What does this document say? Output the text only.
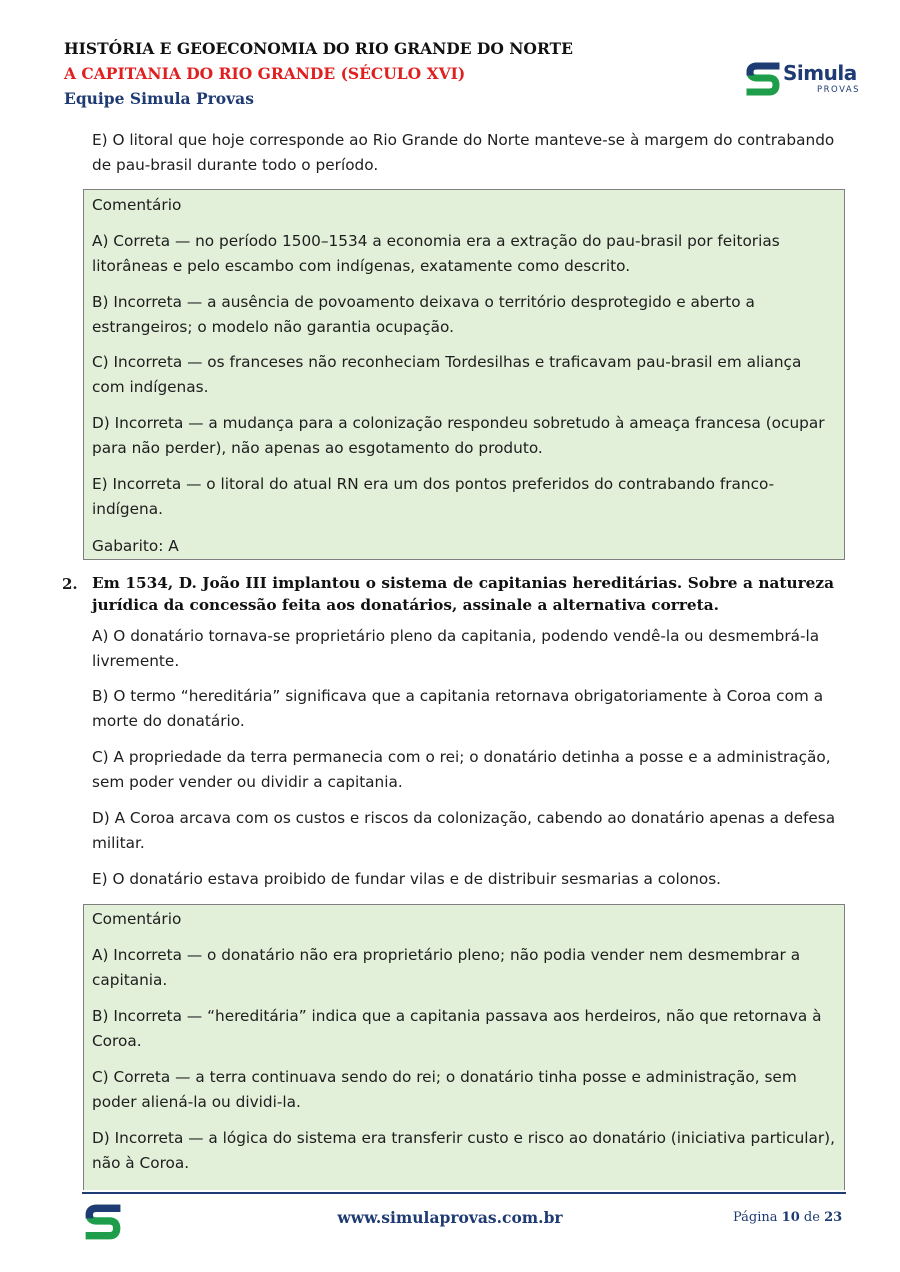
HISTÓRIA E GEOECONOMIA DO RIO GRANDE DO NORTE
A CAPITANIA DO RIO GRANDE (SÉCULO XVI)
Equipe Simula Provas
Simula
PROVAS
E) O litoral que hoje corresponde ao Rio Grande do Norte manteve-se à margem do contrabando de pau-brasil durante todo o período.
Comentário
A) Correta — no período 1500–1534 a economia era a extração do pau-brasil por feitorias litorâneas e pelo escambo com indígenas, exatamente como descrito.
B) Incorreta — a ausência de povoamento deixava o território desprotegido e aberto a estrangeiros; o modelo não garantia ocupação.
C) Incorreta — os franceses não reconheciam Tordesilhas e traficavam pau-brasil em aliança com indígenas.
D) Incorreta — a mudança para a colonização respondeu sobretudo à ameaça francesa (ocupar para não perder), não apenas ao esgotamento do produto.
E) Incorreta — o litoral do atual RN era um dos pontos preferidos do contrabando franco-indígena.
Gabarito: A
2. Em 1534, D. João III implantou o sistema de capitanias hereditárias. Sobre a natureza jurídica da concessão feita aos donatários, assinale a alternativa correta.
A) O donatário tornava-se proprietário pleno da capitania, podendo vendê-la ou desmembrá-la livremente.
B) O termo “hereditária” significava que a capitania retornava obrigatoriamente à Coroa com a morte do donatário.
C) A propriedade da terra permanecia com o rei; o donatário detinha a posse e a administração, sem poder vender ou dividir a capitania.
D) A Coroa arcava com os custos e riscos da colonização, cabendo ao donatário apenas a defesa militar.
E) O donatário estava proibido de fundar vilas e de distribuir sesmarias a colonos.
Comentário
A) Incorreta — o donatário não era proprietário pleno; não podia vender nem desmembrar a capitania.
B) Incorreta — “hereditária” indica que a capitania passava aos herdeiros, não que retornava à Coroa.
C) Correta — a terra continuava sendo do rei; o donatário tinha posse e administração, sem poder aliená-la ou dividi-la.
D) Incorreta — a lógica do sistema era transferir custo e risco ao donatário (iniciativa particular), não à Coroa.
www.simulaprovas.com.br	Página 10 de 23
